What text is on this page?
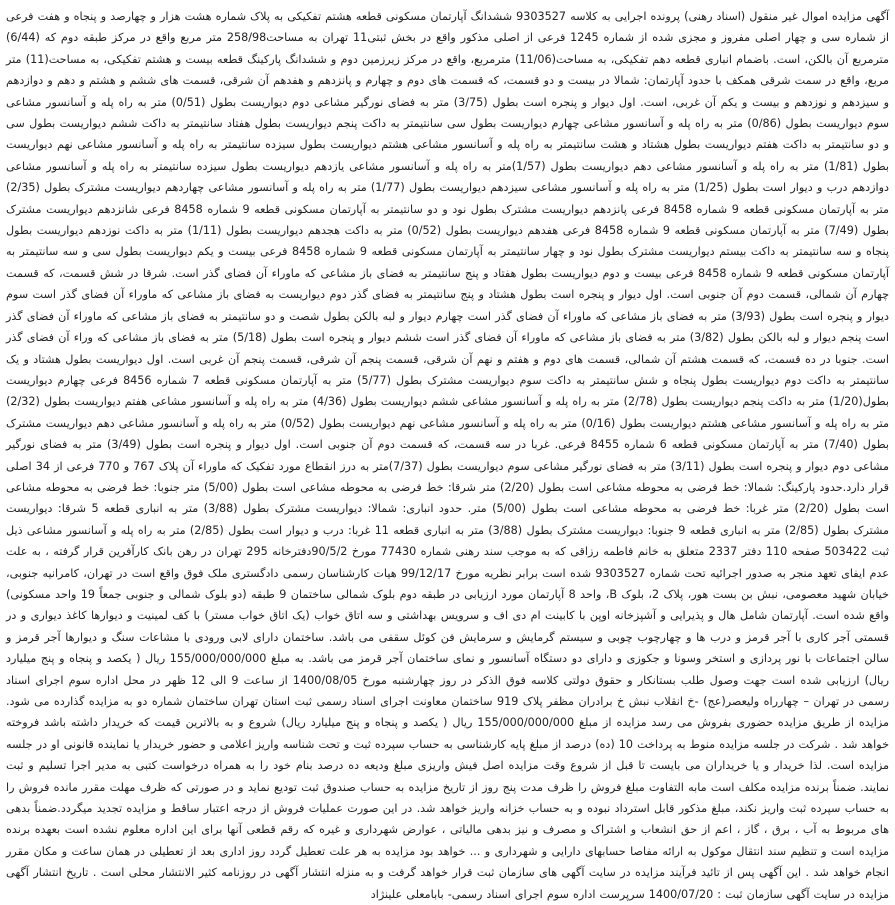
آگهی مزایده اموال غیر منقول (اسناد رهنی) پرونده اجرایی به کلاسه 9303527 ششدانگ آپارتمان مسکونی قطعه هشتم تفکیکی به پلاک شماره هشت هزار و چهارصد و پنجاه و هفت فرعی از شماره سی و چهار اصلی مفروز و مجزی شده از شماره 1245 فرعی از اصلی مذکور واقع در بخش ثبتی11 تهران به مساحت258/98 متر مربع واقع در مرکز طبقه دوم که (6/44) مترمربع آن بالکن، است. باضمام انباری قطعه دهم تفکیکی، به مساحت(11/06) مترمربع، واقع در مرکز زیرزمین دوم و ششدانگ پارکینگ قطعه بیست و هشتم تفکیکی، به مساحت(11) متر مربع، واقع در سمت شرقی همکف با حدود آپارتمان: شمالا در بیست و دو قسمت، که قسمت های دوم و چهارم و پانزدهم و هفدهم آن شرقی، قسمت های ششم و هشتم و دهم و دوازدهم و سیزدهم و نوزدهم و بیست و یکم آن غربی، است. اول دیوار و پنجره است بطول (3/75) متر به فضای نورگیر مشاعی دوم دیواریست بطول (0/51) متر به راه پله و آسانسور مشاعی سوم دیواریست بطول (0/86) متر به راه پله و آسانسور مشاعی چهارم دیواریست بطول سی سانتیمتر به داکت پنجم دیواریست بطول هفتاد سانتیمتر به داکت ششم دیواریست بطول سی و دو سانتیمتر به داکت هفتم دیواریست بطول هشتاد و هشت سانتیمتر به راه پله و آسانسور مشاعی هشتم دیواریست بطول سیزده سانتیمتر به راه پله و آسانسور مشاعی نهم دیواریست بطول (1/81) متر به راه پله و آسانسور مشاعی دهم دیواریست بطول (1/57)متر به راه پله و آسانسور مشاعی یازدهم دیواریست بطول سیزده سانتیمتر به راه پله و آسانسور مشاعی دوازدهم درب و دیوار است بطول (1/25) متر به راه پله و آسانسور مشاعی سیزدهم دیواریست بطول (1/77) متر به راه پله و آسانسور مشاعی چهاردهم دیواریست مشترک بطول (2/35) متر به آپارتمان مسکونی قطعه 9 شماره 8458 فرعی پانزدهم دیواریست مشترک بطول نود و دو سانتیمتر به آپارتمان مسکونی قطعه 9 شماره 8458 فرعی شانزدهم دیواریست مشترک بطول (7/49) متر به آپارتمان مسکونی قطعه 9 شماره 8458 فرعی هفدهم دیواریست بطول (0/52) متر به داکت هجدهم دیواریست بطول (1/11) متر به داکت نوزدهم دیواریست بطول پنجاه و سه سانتیمتر به داکت بیستم دیواریست مشترک بطول نود و چهار سانتیمتر به آپارتمان مسکونی قطعه 9 شماره 8458 فرعی بیست و یکم دیواریست بطول سی و سه سانتیمتر به آپارتمان مسکونی قطعه 9 شماره 8458 فرعی بیست و دوم دیواریست بطول هفتاد و پنج سانتیمتر به فضای باز مشاعی که ماوراء آن فضای گذر است. شرقا در شش قسمت، که قسمت چهارم آن شمالی، قسمت دوم آن جنوبی است. اول دیوار و پنجره است بطول هشتاد و پنج سانتیمتر به فضای گذر دوم دیواریست به فضای باز مشاعی که ماوراء آن فضای گذر است سوم دیوار و پنجره است بطول (3/93) متر به فضای باز مشاعی که ماوراء آن فضای گذر است چهارم دیوار و لبه بالکن بطول شصت و دو سانتیمتر به فضای باز مشاعی که ماوراء آن فضای گذر است پنجم دیوار و لبه بالکن بطول (3/82) متر به فضای باز مشاعی که ماوراء آن فضای گذر است ششم دیوار و پنجره است بطول (5/18) متر به فضای باز مشاعی که وراء آن فضای گذر است. جنوبا در ده قسمت، که قسمت هشتم آن شمالی، قسمت های دوم و هفتم و نهم آن شرقی، قسمت پنجم آن شرقی، قسمت پنجم آن غربی است. اول دیواریست بطول هشتاد و یک سانتیمتر به داکت دوم دیواریست بطول پنجاه و شش سانتیمتر به داکت سوم دیواریست مشترک بطول (5/77) متر به آپارتمان مسکونی قطعه 7 شماره 8456 فرعی چهارم دیواریست بطول(1/20) متر به داکت پنجم دیواریست بطول (2/78) متر به راه پله و آسانسور مشاعی ششم دیواریست بطول (4/36) متر به راه پله و آسانسور مشاعی هفتم دیواریست بطول (2/32) متر به راه پله و آسانسور مشاعی هشتم دیواریست بطول (0/16) متر به راه پله و آسانسور مشاعی نهم دیواریست بطول (0/52) متر به راه پله و آسانسور مشاعی دهم دیواریست مشترک بطول (7/40) متر به آپارتمان مسکونی قطعه 6 شماره 8455 فرعی. غربا در سه قسمت، که قسمت دوم آن جنوبی است. اول دیوار و پنجره است بطول (3/49) متر به فضای نورگیر مشاعی دوم دیوار و پنجره است بطول (3/11) متر به فضای نورگیر مشاعی سوم دیواریست بطول (7/37)متر به درز انقطاع مورد تفکیک که ماوراء آن پلاک 767 و 770 فرعی از 34 اصلی قرار دارد.حدود پارکینگ: شمالا: خط فرضی به محوطه مشاعی است بطول (2/20) متر شرقا: خط فرضی به محوطه مشاعی است بطول (5/00) متر جنوبا: خط فرضی به محوطه مشاعی است بطول (2/20) متر غربا: خط فرضی به محوطه مشاعی است بطول (5/00) متر. حدود انباری: شمالا: دیواریست مشترک بطول (3/88) متر به انباری قطعه 5 شرقا: دیواریست مشترک بطول (2/85) متر به انباری قطعه 9 جنوبا: دیواریست مشترک بطول (3/88) متر به انباری قطعه 11 غربا: درب و دیوار است بطول (2/85) متر به راه پله و آسانسور مشاعی ذیل ثبت 503422 صفحه 110 دفتر 2337 متعلق به خانم فاطمه رزاقی که به موجب سند رهنی شماره 77430 مورخ 90/5/2دفترخانه 295 تهران در رهن بانک کارآفرین قرار گرفته ، به علت عدم ایفای تعهد منجر به صدور اجرائیه تحت شماره 9303527 شده است برابر نظریه مورخ 99/12/17 هیات کارشناسان رسمی دادگستری ملک فوق واقع است در تهران، کامرانیه جنوبی، خیابان شهید معصومی، نبش بن بست هور، پلاک 2، بلوک B، واحد 8 آپارتمان مورد ارزیابی در طبقه دوم بلوک شمالی ساختمان 9 طبقه (دو بلوک شمالی و جنوبی جمعاً 19 واحد مسکونی) واقع شده است. آپارتمان شامل هال و پذیرایی و آشپزخانه اوپن با کابینت ام دی اف و سرویس بهداشتی و سه اتاق خواب (یک اتاق خواب مستر) با کف لمینیت و دیوارها کاغذ دیواری و در قسمتی آجر کاری با آجر قرمز و درب ها و چهارچوب چوبی و سیستم گرمایش و سرمایش فن کوئل سقفی می باشد. ساختمان دارای لابی ورودی با مشاعات سنگ و دیوارها آجر قرمز و سالن اجتماعات با نور پردازی و استخر وسونا و جکوزی و دارای دو دستگاه آسانسور و نمای ساختمان آجر قرمز می باشد. به مبلغ 155/000/000/000 ریال ( یکصد و پنجاه و پنج میلیارد ریال) ارزیابی شده است جهت وصول طلب بستانکار و حقوق دولتی کلاسه فوق الذکر در روز چهارشنبه مورخ 1400/08/05 از ساعت 9 الی 12 ظهر در محل اداره سوم اجرای اسناد رسمی در تهران – چهارراه ولیعصر(عج) -خ انقلاب نبش خ برادران مظفر پلاک 919 ساختمان معاونت اجرای اسناد رسمی ثبت استان تهران ساختمان شماره دو به مزایده گذارده می شود. مزایده از طریق مزایده حضوری بفروش می رسد مزایده از مبلغ 155/000/000/000 ریال ( یکصد و پنجاه و پنج میلیارد ریال) شروع و به بالاترین قیمت که خریدار داشته باشد فروخته خواهد شد . شرکت در جلسه مزایده منوط به پرداخت 10 (ده) درصد از مبلغ پایه کارشناسی به حساب سپرده ثبت و تحت شناسه واریز اعلامی و حضور خریدار یا نماینده قانونی او در جلسه مزایده است. لذا خریدار و یا خریداران می بایست تا قبل از شروع وقت مزایده اصل فیش واریزی مبلغ ودیعه ده درصد بنام خود را به همراه درخواست کتبی به مدیر اجرا تسلیم و ثبت نمایند. ضمناً برنده مزایده مکلف است مابه التفاوت مبلغ فروش را ظرف مدت پنج روز از تاریخ مزایده به حساب صندوق ثبت تودیع نماید و در صورتی که ظرف مهلت مقرر مانده فروش را به حساب سپرده ثبت واریز نکند، مبلغ مذکور قابل استرداد نبوده و به حساب خزانه واریز خواهد شد. در این صورت عملیات فروش از درجه اعتبار ساقط و مزایده تجدید میگردد.ضمناً بدهی های مربوط به آب ، برق ، گاز ، اعم از حق انشعاب و اشتراک و مصرف و نیز بدهی مالیاتی ، عوارض شهرداری و غیره که رقم قطعی آنها برای این اداره معلوم نشده است بعهده برنده مزایده است و تنظیم سند انتقال موکول به ارائه مفاصا حسابهای دارایی و شهرداری و ... خواهد بود مزایده به هر علت تعطیل گردد روز اداری بعد از تعطیلی در همان ساعت و مکان مقرر انجام خواهد شد . این آگهی پس از تائید فرآیند مزایده در سایت آگهی های سازمان ثبت قرار خواهد گرفت و به منزله انتشار آگهی در روزنامه کثیر الانتشار محلی است . تاریخ انتشار آگهی مزایده در سایت آگهی سازمان ثبت : 1400/07/20 سرپرست اداره سوم اجرای اسناد رسمی- بابامعلی علینژاد
